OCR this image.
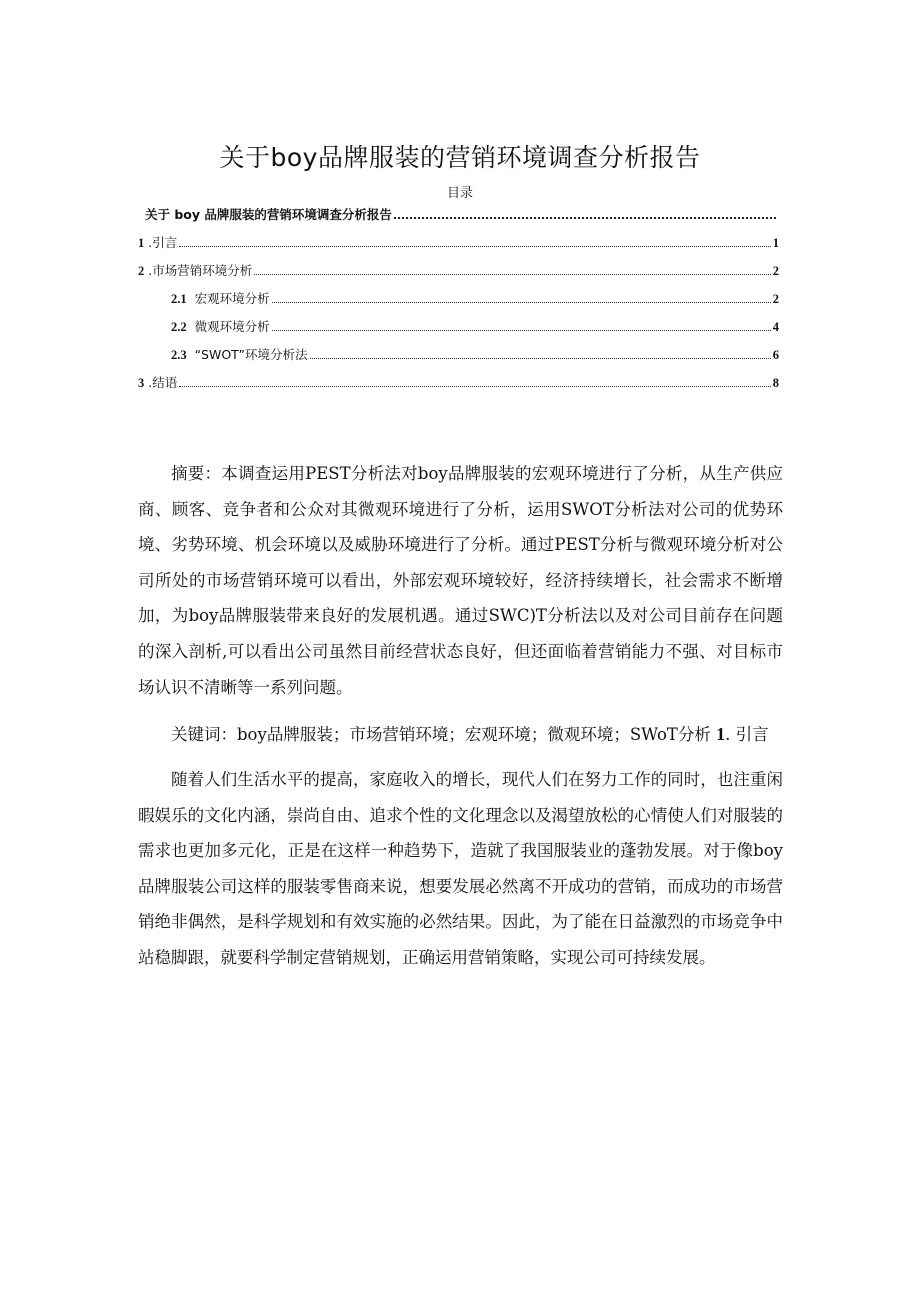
关于boy品牌服装的营销环境调查分析报告
目录
关于 boy 品牌服装的营销环境调查分析报告
1 .引言	1
2 .市场营销环境分析	2
2.1 宏观环境分析	2
2.2 微观环境分析	4
2.3 “SWOT”环境分析法	6
3 .结语	8

摘要：本调查运用PEST分析法对boy品牌服装的宏观环境进行了分析，从生产供应商、顾客、竞争者和公众对其微观环境进行了分析，运用SWOT分析法对公司的优势环境、劣势环境、机会环境以及威胁环境进行了分析。通过PEST分析与微观环境分析对公司所处的市场营销环境可以看出，外部宏观环境较好，经济持续增长，社会需求不断增加，为boy品牌服装带来良好的发展机遇。通过SWC)T分析法以及对公司目前存在问题的深入剖析,可以看出公司虽然目前经营状态良好，但还面临着营销能力不强、对目标市场认识不清晰等一系列问题。

关键词：boy品牌服装；市场营销环境；宏观环境；微观环境；SWoT分析 1. 引言

随着人们生活水平的提高，家庭收入的增长，现代人们在努力工作的同时，也注重闲暇娱乐的文化内涵，崇尚自由、追求个性的文化理念以及渴望放松的心情使人们对服装的需求也更加多元化，正是在这样一种趋势下，造就了我国服装业的蓬勃发展。对于像boy品牌服装公司这样的服装零售商来说，想要发展必然离不开成功的营销，而成功的市场营销绝非偶然，是科学规划和有效实施的必然结果。因此，为了能在日益激烈的市场竞争中站稳脚跟，就要科学制定营销规划，正确运用营销策略，实现公司可持续发展。
